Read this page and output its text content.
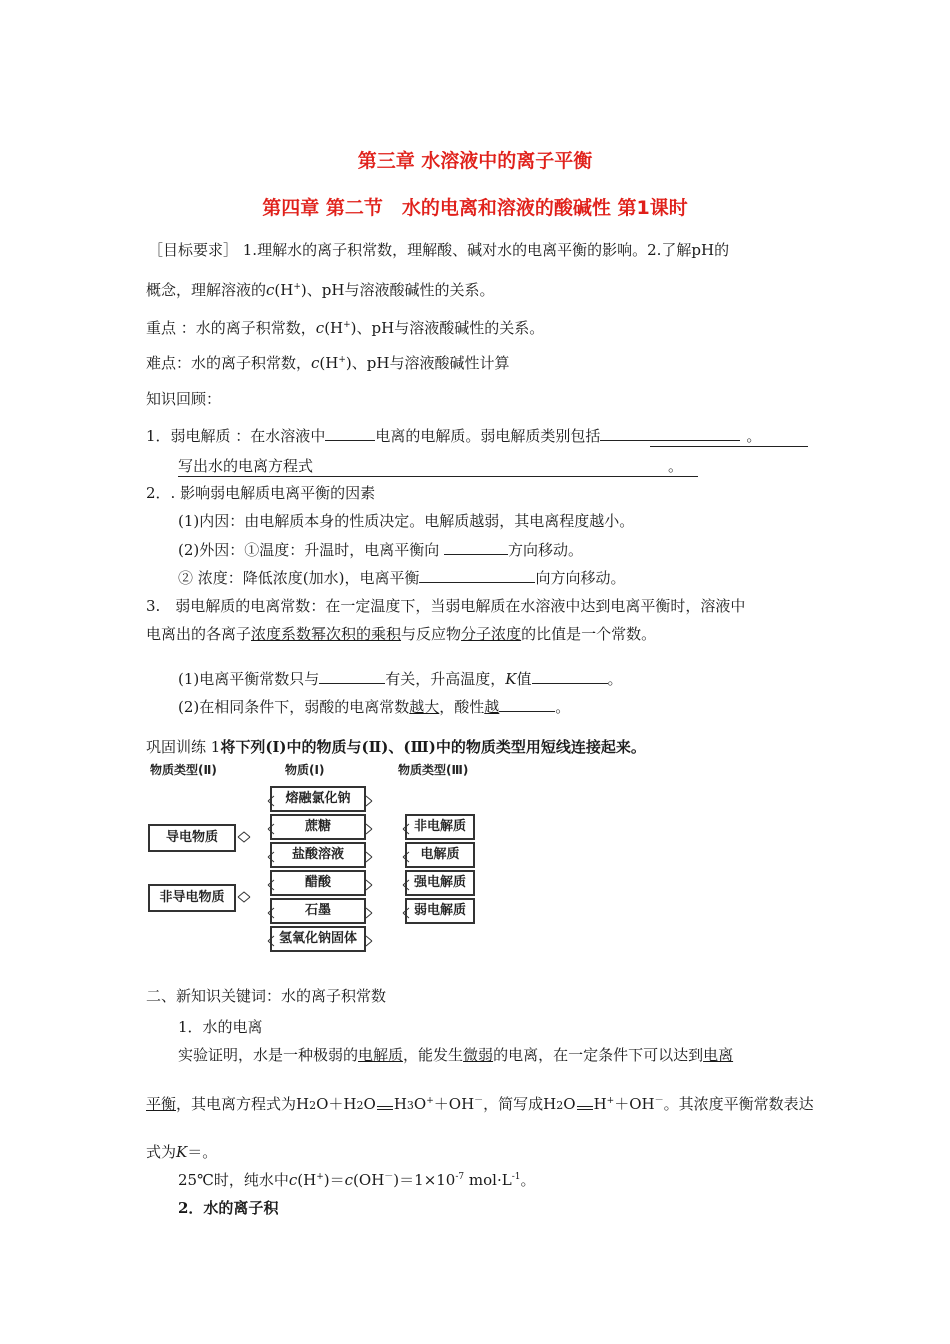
第三章 水溶液中的离子平衡
第四章 第二节　水的电离和溶液的酸碱性 第1课时
［目标要求］ 1.理解水的离子积常数，理解酸、碱对水的电离平衡的影响。2.了解pH的
概念，理解溶液的c(H+)、pH与溶液酸碱性的关系。
重点 ：水的离子积常数，c(H+)、pH与溶液酸碱性的关系。
难点：水的离子积常数，c(H+)、pH与溶液酸碱性计算
知识回顾：
1．弱电解质 ：在水溶液中	电离的电解质。弱电解质类别包括	。
写出水的电离方程式	。
2．. 影响弱电解质电离平衡的因素
(1)内因：由电解质本身的性质决定。电解质越弱，其电离程度越小。
(2)外因：①温度：升温时，电离平衡向	方向移动。
② 浓度：降低浓度(加水)，电离平衡	向方向移动。
3.　弱电解质的电离常数：在一定温度下，当弱电解质在水溶液中达到电离平衡时，溶液中
电离出的各离子浓度系数幂次积的乘积与反应物分子浓度的比值是一个常数。
(1)电离平衡常数只与	有关，升高温度，K值	。
(2)在相同条件下，弱酸的电离常数越大，酸性越	。
巩固训练 1将下列(Ⅰ)中的物质与(Ⅱ)、(Ⅲ)中的物质类型用短线连接起来。
物质类型(Ⅱ)	物质(Ⅰ)	物质类型(Ⅲ)
导电物质
非导电物质
熔融氯化钠
蔗糖
盐酸溶液
醋酸
石墨
氢氧化钠固体
非电解质
电解质
强电解质
弱电解质
二、新知识关键词：水的离子积常数
1．水的电离
实验证明，水是一种极弱的电解质，能发生微弱的电离，在一定条件下可以达到电离
平衡，其电离方程式为H2O＋H2O H3O+＋OH－，简写成H2O H+＋OH－。其浓度平衡常数表达
式为K＝。
25℃时，纯水中$c(H^+)=c(OH^-)=1\times 10^{-7}$ $mol\cdot L^{-1}$。
2．水的离子积
